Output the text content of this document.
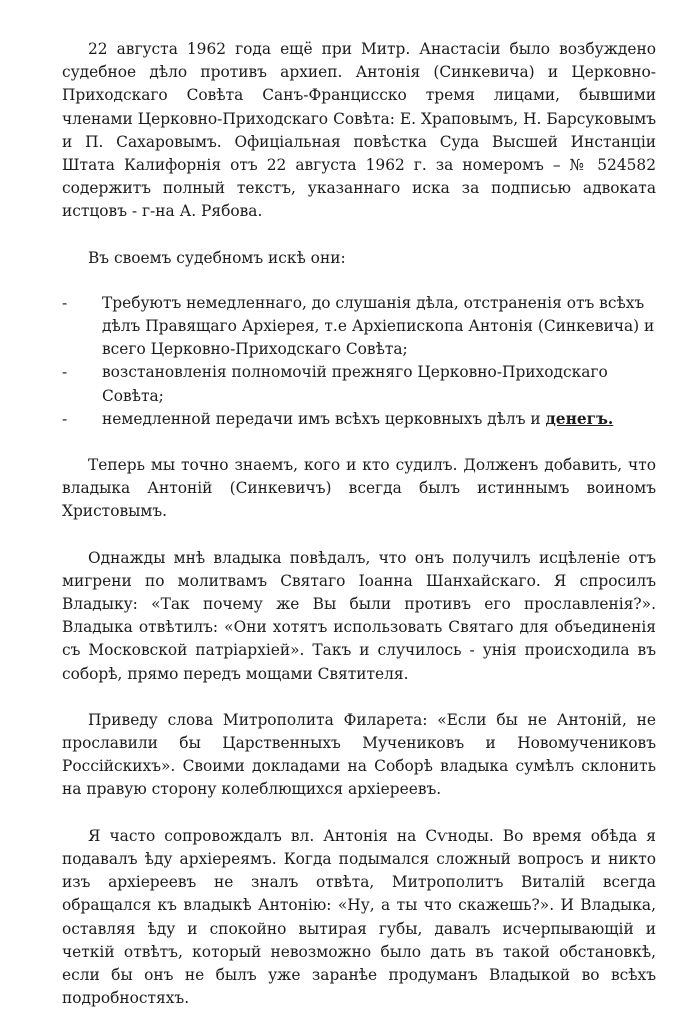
22 августа 1962 года ещё при Митр. Анастасіи было возбуждено судебное дѣло противъ архиеп. Антонія (Синкевича) и Церковно-Приходскаго Совѣта Санъ-Францисско тремя лицами, бывшими членами Церковно-Приходскаго Совѣта: Е. Храповымъ, Н. Барсуковымъ и П. Сахаровымъ. Офиціальная повѣстка Суда Высшей Инстанціи Штата Калифорнія отъ 22 августа 1962 г. за номеромъ – № 524582 содержитъ полный текстъ, указаннаго иска за подписью адвоката истцовъ - г-на А. Рябова.

Въ своемъ судебномъ искѣ они:

- Требуютъ немедленнаго, до слушанія дѣла, отстраненія отъ всѣхъ дѣлъ Правящаго Архіерея, т.е Архіепископа Антонія (Синкевича) и всего Церковно-Приходскаго Совѣта;
- возстановленія полномочій прежняго Церковно-Приходскаго Совѣта;
- немедленной передачи имъ всѣхъ церковныхъ дѣлъ и денегъ.

Теперь мы точно знаемъ, кого и кто судилъ. Долженъ добавить, что владыка Антоній (Синкевичъ) всегда былъ истиннымъ воиномъ Христовымъ.

Однажды мнѣ владыка повѣдалъ, что онъ получилъ исцѣленіе отъ мигрени по молитвамъ Святаго Іоанна Шанхайскаго. Я спросилъ Владыку: «Так почему же Вы были противъ его прославленія?». Владыка отвѣтилъ: «Они хотятъ использовать Святаго для объединенія съ Московской патріархіей». Такъ и случилось - унія происходила въ соборѣ, прямо передъ мощами Святителя.

Приведу слова Митрополита Филарета: «Если бы не Антоній, не прославили бы Царственныхъ Мучениковъ и Новомучениковъ Россійскихъ». Своими докладами на Соборѣ владыка сумѣлъ склонить на правую сторону колеблющихся архіереевъ.

Я часто сопровождалъ вл. Антонія на Сѵноды. Во время обѣда я подавалъ ѣду архіереямъ. Когда подымался сложный вопросъ и никто изъ архіереевъ не зналъ отвѣта, Митрополитъ Виталій всегда обращался къ владыкѣ Антонію: «Ну, а ты что скажешь?». И Владыка, оставляя ѣду и спокойно вытирая губы, давалъ исчерпывающій и четкій отвѣтъ, который невозможно было дать въ такой обстановкѣ, если бы онъ не былъ уже заранѣе продуманъ Владыкой во всѣхъ подробностяхъ.
